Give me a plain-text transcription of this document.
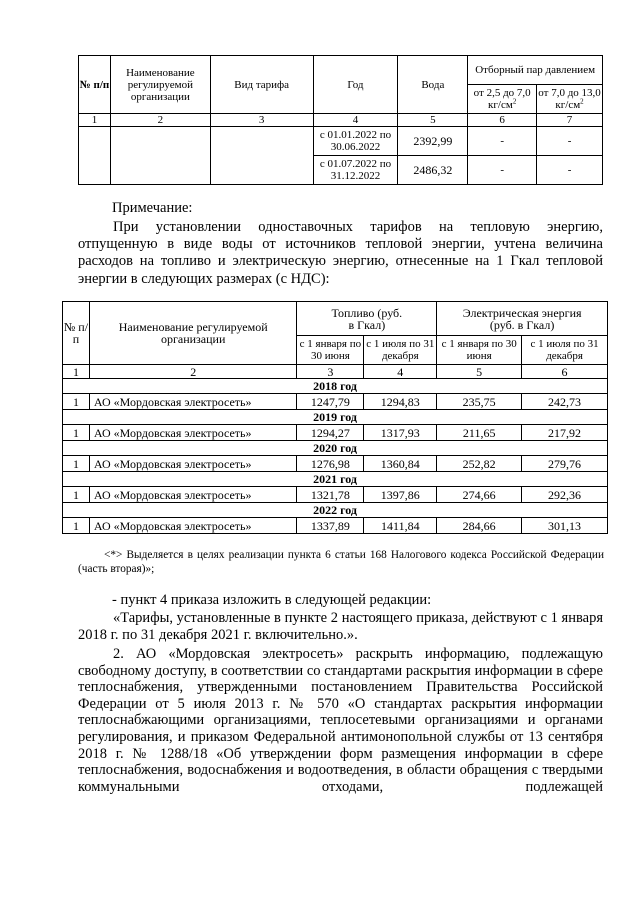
№ п/п	Наименование регулируемой организации	Вид тарифа	Год	Вода	Отборный пар давлением	
					от 2,5 до 7,0 $кг/см^2$	от 7,0 до 13,0 $кг/см^2$
1	2	3	4	5	6	7
			с 01.01.2022 по 30.06.2022	2392,99	-	-
			с 01.07.2022 по 31.12.2022	2486,32	-	-
Примечание:
При установлении одноставочных тарифов на тепловую энергию, отпущенную в виде воды от источников тепловой энергии, учтена величина расходов на топливо и электрическую энергию, отнесенные на 1 Гкал тепловой энергии в следующих размерах (с НДС):
№ п/п	Наименование регулируемой организации	Топливо (руб. в Гкал)		Электрическая энергия (руб. в Гкал)	
		с 1 января по 30 июня	с 1 июля по 31 декабря	с 1 января по 30 июня	с 1 июля по 31 декабря
1	2	3	4	5	6
2018 год					
1	АО «Мордовская электросеть»	1247,79	1294,83	235,75	242,73
2019 год					
1	АО «Мордовская электросеть»	1294,27	1317,93	211,65	217,92
2020 год					
1	АО «Мордовская электросеть»	1276,98	1360,84	252,82	279,76
2021 год					
1	АО «Мордовская электросеть»	1321,78	1397,86	274,66	292,36
2022 год					
1	АО «Мордовская электросеть»	1337,89	1411,84	284,66	301,13
<*> Выделяется в целях реализации пункта 6 статьи 168 Налогового кодекса Российской Федерации (часть вторая)»;
- пункт 4 приказа изложить в следующей редакции:
«Тарифы, установленные в пункте 2 настоящего приказа, действуют с 1 января 2018 г. по 31 декабря 2021 г. включительно.».
2. АО «Мордовская электросеть» раскрыть информацию, подлежащую свободному доступу, в соответствии со стандартами раскрытия информации в сфере теплоснабжения, утвержденными постановлением Правительства Российской Федерации от 5 июля 2013 г. № 570 «О стандартах раскрытия информации теплоснабжающими организациями, теплосетевыми организациями и органами регулирования, и приказом Федеральной антимонопольной службы от 13 сентября 2018 г. № 1288/18 «Об утверждении форм размещения информации в сфере теплоснабжения, водоснабжения и водоотведения, в области обращения с твердыми коммунальными отходами, подлежащей
